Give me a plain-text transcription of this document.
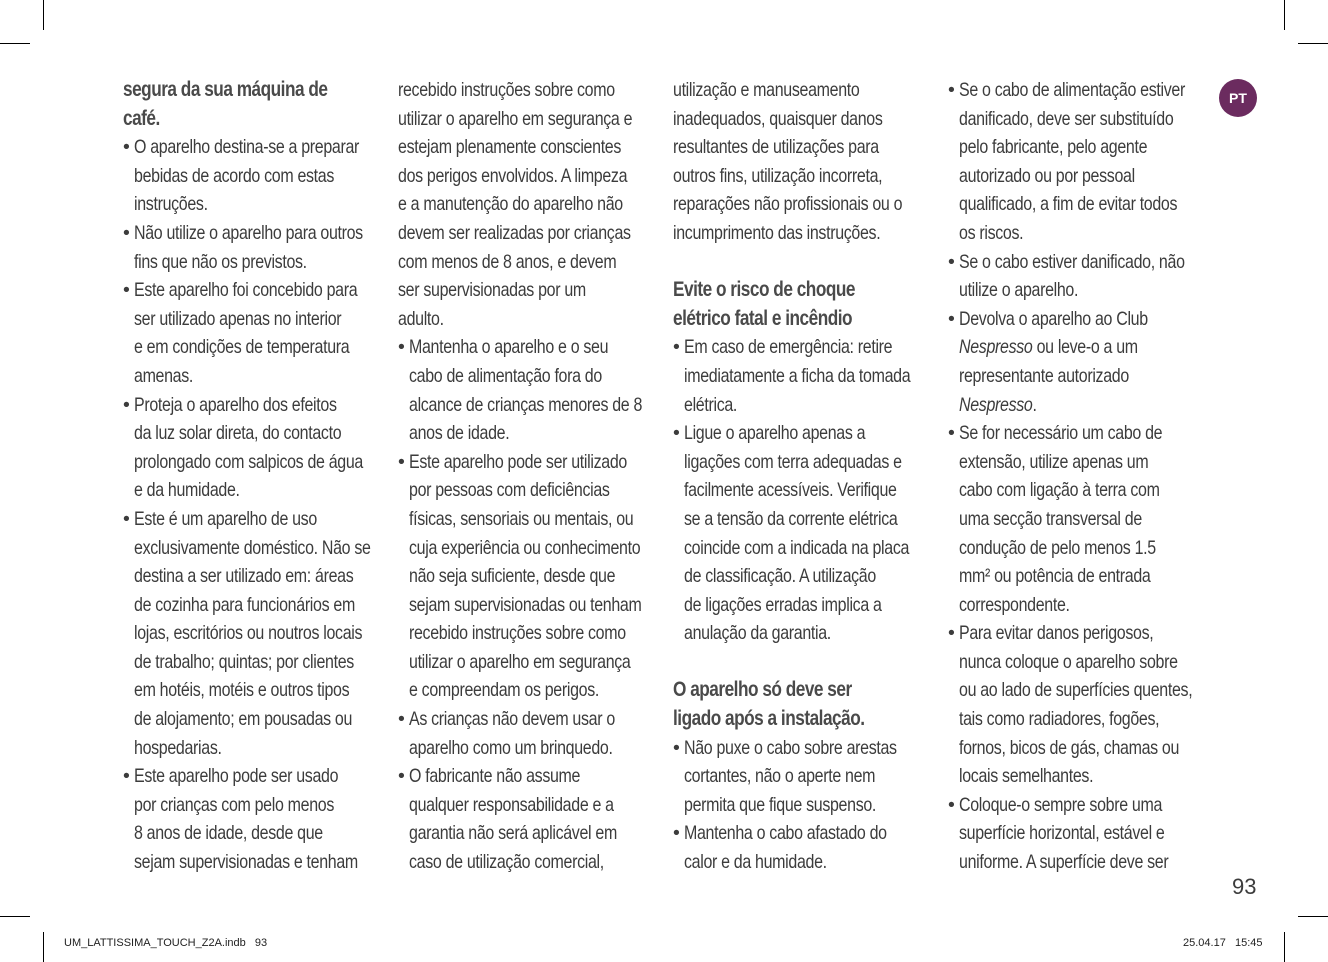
segura da sua máquina de

café.

• O aparelho destina-se a preparar

bebidas de acordo com estas

instruções.

• Não utilize o aparelho para outros

fins que não os previstos.

• Este aparelho foi concebido para

ser utilizado apenas no interior

e em condições de temperatura

amenas.

• Proteja o aparelho dos efeitos

da luz solar direta, do contacto

prolongado com salpicos de água

e da humidade.

• Este é um aparelho de uso

exclusivamente doméstico. Não se

destina a ser utilizado em: áreas

de cozinha para funcionários em

lojas, escritórios ou noutros locais

de trabalho; quintas; por clientes

em hotéis, motéis e outros tipos

de alojamento; em pousadas ou

hospedarias.

• Este aparelho pode ser usado

por crianças com pelo menos

8 anos de idade, desde que

sejam supervisionadas e tenham

recebido instruções sobre como

utilizar o aparelho em segurança e

estejam plenamente conscientes

dos perigos envolvidos. A limpeza

e a manutenção do aparelho não

devem ser realizadas por crianças

com menos de 8 anos, e devem

ser supervisionadas por um

adulto.

• Mantenha o aparelho e o seu

cabo de alimentação fora do

alcance de crianças menores de 8

anos de idade.

• Este aparelho pode ser utilizado

por pessoas com deficiências

físicas, sensoriais ou mentais, ou

cuja experiência ou conhecimento

não seja suficiente, desde que

sejam supervisionadas ou tenham

recebido instruções sobre como

utilizar o aparelho em segurança

e compreendam os perigos.

• As crianças não devem usar o

aparelho como um brinquedo.

• O fabricante não assume

qualquer responsabilidade e a

garantia não será aplicável em

caso de utilização comercial,

utilização e manuseamento

inadequados, quaisquer danos

resultantes de utilizações para

outros fins, utilização incorreta,

reparações não profissionais ou o

incumprimento das instruções.

Evite o risco de choque

elétrico fatal e incêndio

• Em caso de emergência: retire

imediatamente a ficha da tomada

elétrica.

• Ligue o aparelho apenas a

ligações com terra adequadas e

facilmente acessíveis. Verifique

se a tensão da corrente elétrica

coincide com a indicada na placa

de classificação. A utilização

de ligações erradas implica a

anulação da garantia.

O aparelho só deve ser

ligado após a instalação.

• Não puxe o cabo sobre arestas

cortantes, não o aperte nem

permita que fique suspenso.

• Mantenha o cabo afastado do

calor e da humidade.

• Se o cabo de alimentação estiver

danificado, deve ser substituído

pelo fabricante, pelo agente

autorizado ou por pessoal

qualificado, a fim de evitar todos

os riscos.

• Se o cabo estiver danificado, não

utilize o aparelho.

• Devolva o aparelho ao Club

Nespresso ou leve-o a um

representante autorizado

Nespresso.

• Se for necessário um cabo de

extensão, utilize apenas um

cabo com ligação à terra com

uma secção transversal de

condução de pelo menos 1.5

mm² ou potência de entrada

correspondente.

• Para evitar danos perigosos,

nunca coloque o aparelho sobre

ou ao lado de superfícies quentes,

tais como radiadores, fogões,

fornos, bicos de gás, chamas ou

locais semelhantes.

• Coloque-o sempre sobre uma

superfície horizontal, estável e

uniforme. A superfície deve ser

PT
93
UM_LATTISSIMA_TOUCH_Z2A.indb   93	25.04.17   15:45
